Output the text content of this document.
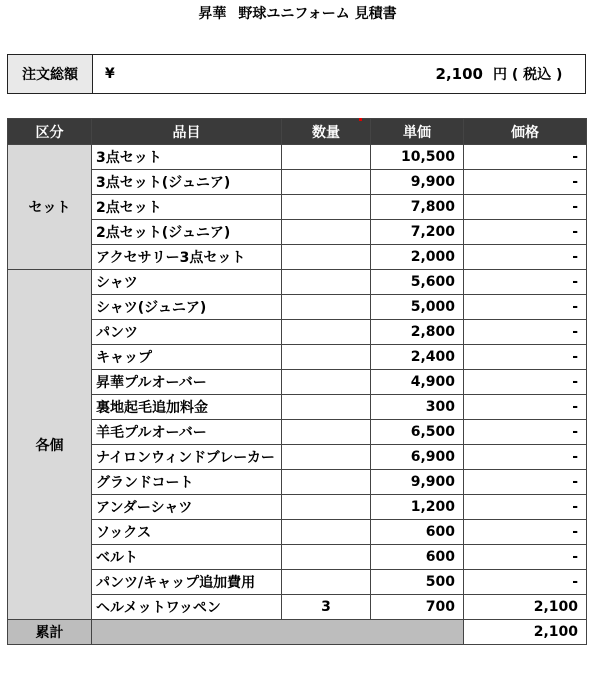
昇華 野球ユニフォーム 見積書
注文総額	¥	2,100 円 ( 税込 )
区分	品目	数量	単価	価格
セット	3点セット		10,500	-
	3点セット(ジュニア)		9,900	-
	2点セット		7,800	-
	2点セット(ジュニア)		7,200	-
	アクセサリー3点セット		2,000	-
各個	シャツ		5,600	-
	シャツ(ジュニア)		5,000	-
	パンツ		2,800	-
	キャップ		2,400	-
	昇華プルオーバー		4,900	-
	裏地起毛追加料金		300	-
	羊毛プルオーバー		6,500	-
	ナイロンウィンドブレーカー		6,900	-
	グランドコート		9,900	-
	アンダーシャツ		1,200	-
	ソックス		600	-
	ベルト		600	-
	パンツ/キャップ追加費用		500	-
	ヘルメットワッペン	3	700	2,100
累計				2,100
